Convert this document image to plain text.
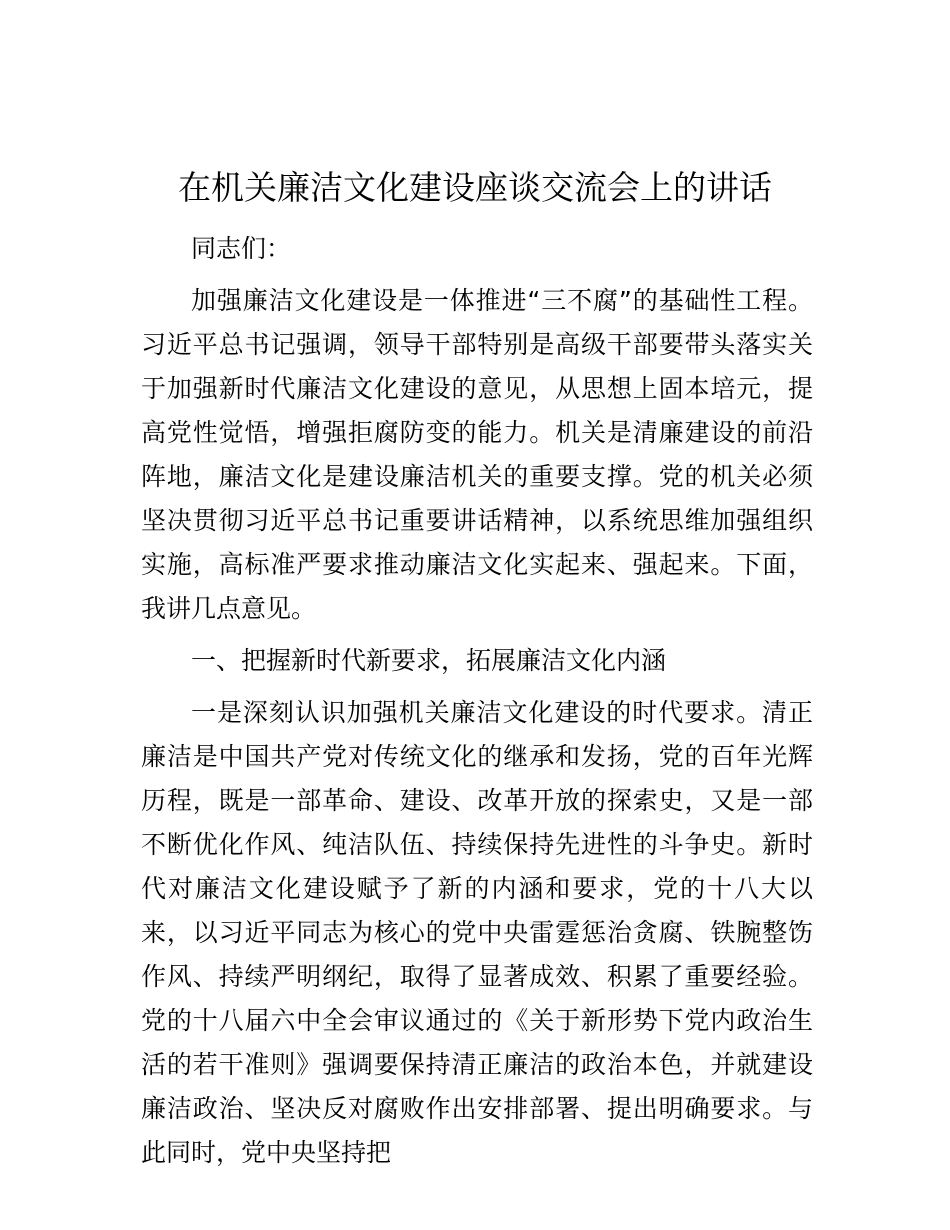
在机关廉洁文化建设座谈交流会上的讲话

同志们：

加强廉洁文化建设是一体推进“三不腐”的基础性工程。习近平总书记强调，领导干部特别是高级干部要带头落实关于加强新时代廉洁文化建设的意见，从思想上固本培元，提高党性觉悟，增强拒腐防变的能力。机关是清廉建设的前沿阵地，廉洁文化是建设廉洁机关的重要支撑。党的机关必须坚决贯彻习近平总书记重要讲话精神，以系统思维加强组织实施，高标准严要求推动廉洁文化实起来、强起来。下面，我讲几点意见。

一、把握新时代新要求，拓展廉洁文化内涵

一是深刻认识加强机关廉洁文化建设的时代要求。清正廉洁是中国共产党对传统文化的继承和发扬，党的百年光辉历程，既是一部革命、建设、改革开放的探索史，又是一部不断优化作风、纯洁队伍、持续保持先进性的斗争史。新时代对廉洁文化建设赋予了新的内涵和要求，党的十八大以来，以习近平同志为核心的党中央雷霆惩治贪腐、铁腕整饬作风、持续严明纲纪，取得了显著成效、积累了重要经验。党的十八届六中全会审议通过的《关于新形势下党内政治生活的若干准则》强调要保持清正廉洁的政治本色，并就建设廉洁政治、坚决反对腐败作出安排部署、提出明确要求。与此同时，党中央坚持把
